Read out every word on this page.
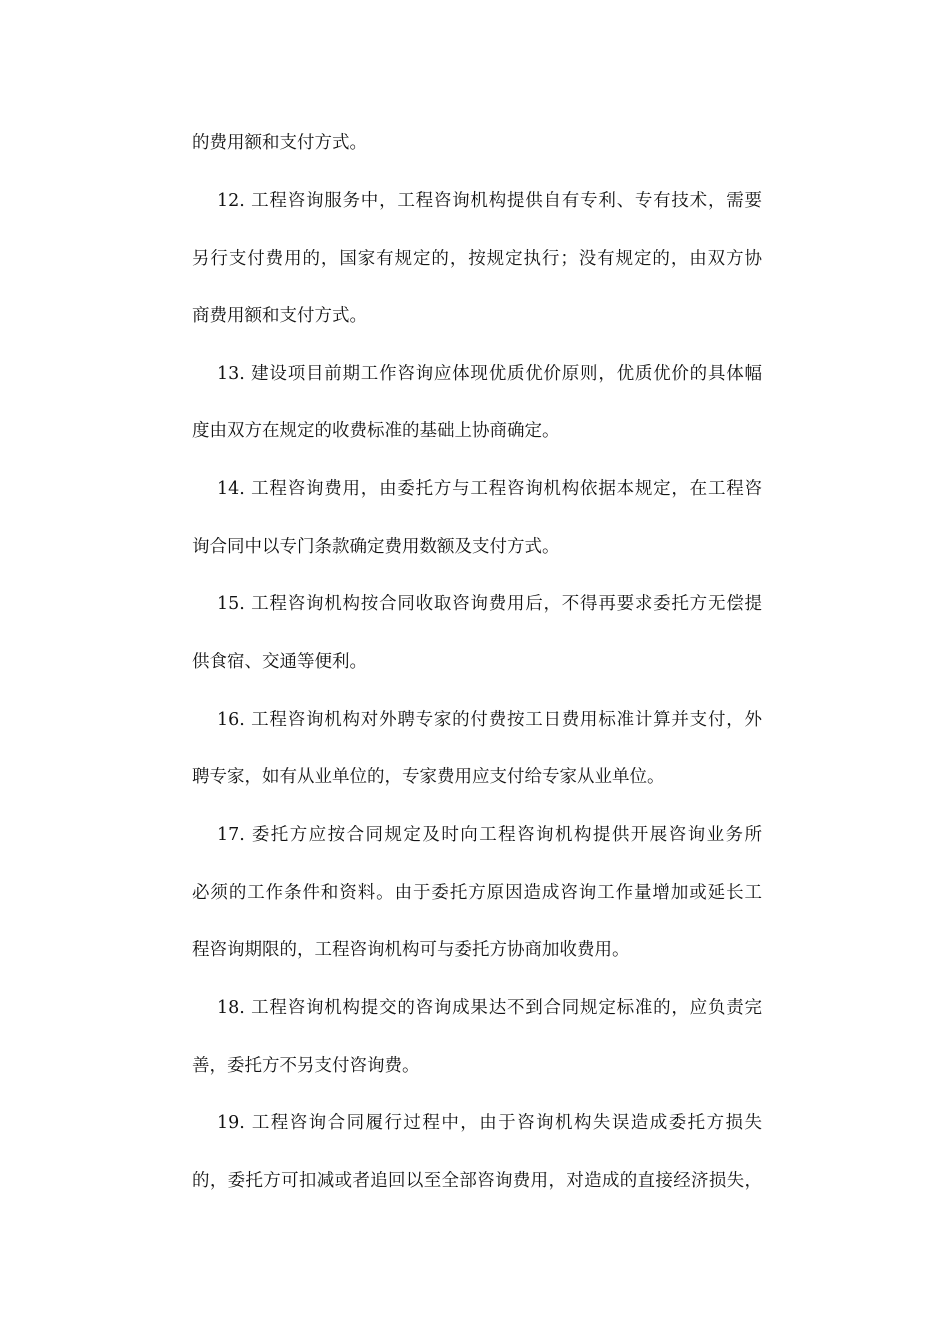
的费用额和支付方式。
12. 工程咨询服务中，工程咨询机构提供自有专利、专有技术，需要
另行支付费用的，国家有规定的，按规定执行；没有规定的，由双方协
商费用额和支付方式。
13. 建设项目前期工作咨询应体现优质优价原则，优质优价的具体幅
度由双方在规定的收费标准的基础上协商确定。
14. 工程咨询费用，由委托方与工程咨询机构依据本规定，在工程咨
询合同中以专门条款确定费用数额及支付方式。
15. 工程咨询机构按合同收取咨询费用后，不得再要求委托方无偿提
供食宿、交通等便利。
16. 工程咨询机构对外聘专家的付费按工日费用标准计算并支付，外
聘专家，如有从业单位的，专家费用应支付给专家从业单位。
17. 委托方应按合同规定及时向工程咨询机构提供开展咨询业务所
必须的工作条件和资料。由于委托方原因造成咨询工作量增加或延长工
程咨询期限的，工程咨询机构可与委托方协商加收费用。
18. 工程咨询机构提交的咨询成果达不到合同规定标准的，应负责完
善，委托方不另支付咨询费。
19. 工程咨询合同履行过程中，由于咨询机构失误造成委托方损失
的，委托方可扣减或者追回以至全部咨询费用，对造成的直接经济损失，
